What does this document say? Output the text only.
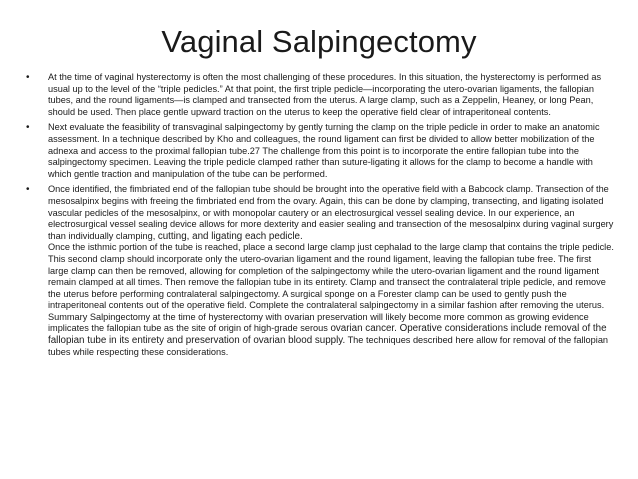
Vaginal Salpingectomy
• At the time of vaginal hysterectomy is often the most challenging of these procedures. In this situation, the hysterectomy is performed as usual up to the level of the “triple pedicles.” At that point, the first triple pedicle—incorporating the utero-ovarian ligaments, the fallopian tubes, and the round ligaments—is clamped and transected from the uterus. A large clamp, such as a Zeppelin, Heaney, or long Pean, should be used. Then place gentle upward traction on the uterus to keep the operative field clear of intraperitoneal contents.

• Next evaluate the feasibility of transvaginal salpingectomy by gently turning the clamp on the triple pedicle in order to make an anatomic assessment. In a technique described by Kho and colleagues, the round ligament can first be divided to allow better mobilization of the adnexa and access to the proximal fallopian tube.27 The challenge from this point is to incorporate the entire fallopian tube into the salpingectomy specimen. Leaving the triple pedicle clamped rather than suture-ligating it allows for the clamp to become a handle with which gentle traction and manipulation of the tube can be performed.

• Once identified, the fimbriated end of the fallopian tube should be brought into the operative field with a Babcock clamp. Transection of the mesosalpinx begins with freeing the fimbriated end from the ovary. Again, this can be done by clamping, transecting, and ligating isolated vascular pedicles of the mesosalpinx, or with monopolar cautery or an electrosurgical vessel sealing device. In our experience, an electrosurgical vessel sealing device allows for more dexterity and easier sealing and transection of the mesosalpinx during vaginal surgery than individually clamping, cutting, and ligating each pedicle.

Once the isthmic portion of the tube is reached, place a second large clamp just cephalad to the large clamp that contains the triple pedicle. This second clamp should incorporate only the utero-ovarian ligament and the round ligament, leaving the fallopian tube free. The first large clamp can then be removed, allowing for completion of the salpingectomy while the utero-ovarian ligament and the round ligament remain clamped at all times. Then remove the fallopian tube in its entirety. Clamp and transect the contralateral triple pedicle, and remove the uterus before performing contralateral salpingectomy. A surgical sponge on a Forester clamp can be used to gently push the intraperitoneal contents out of the operative field. Complete the contralateral salpingectomy in a similar fashion after removing the uterus. Summary Salpingectomy at the time of hysterectomy with ovarian preservation will likely become more common as growing evidence implicates the fallopian tube as the site of origin of high-grade serous ovarian cancer. Operative considerations include removal of the fallopian tube in its entirety and preservation of ovarian blood supply. The techniques described here allow for removal of the fallopian tubes while respecting these considerations.
